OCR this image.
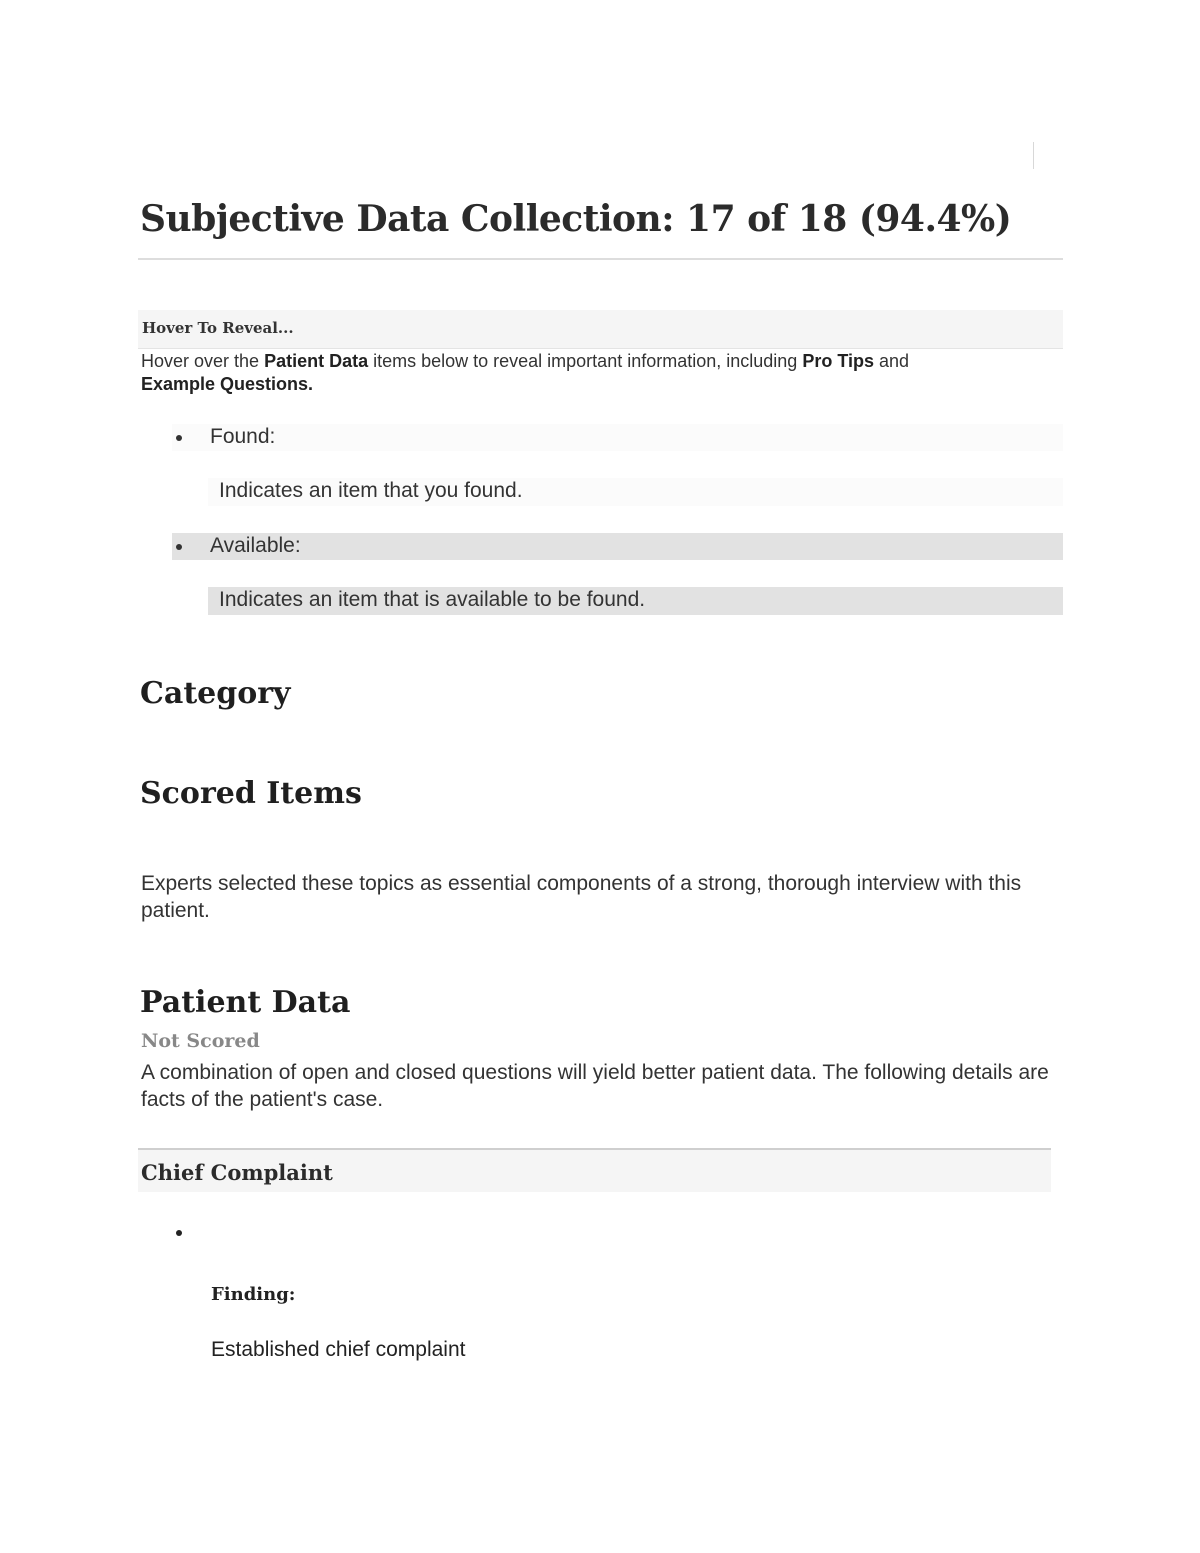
Subjective Data Collection: 17 of 18 (94.4%)
Hover To Reveal...

Hover over the Patient Data items below to reveal important information, including Pro Tips and Example Questions.

Found:
Indicates an item that you found.
Available:
Indicates an item that is available to be found.
Category
Scored Items

Experts selected these topics as essential components of a strong, thorough interview with this patient.

Patient Data
Not Scored

A combination of open and closed questions will yield better patient data. The following details are facts of the patient's case.

Chief Complaint
Finding:
Established chief complaint
